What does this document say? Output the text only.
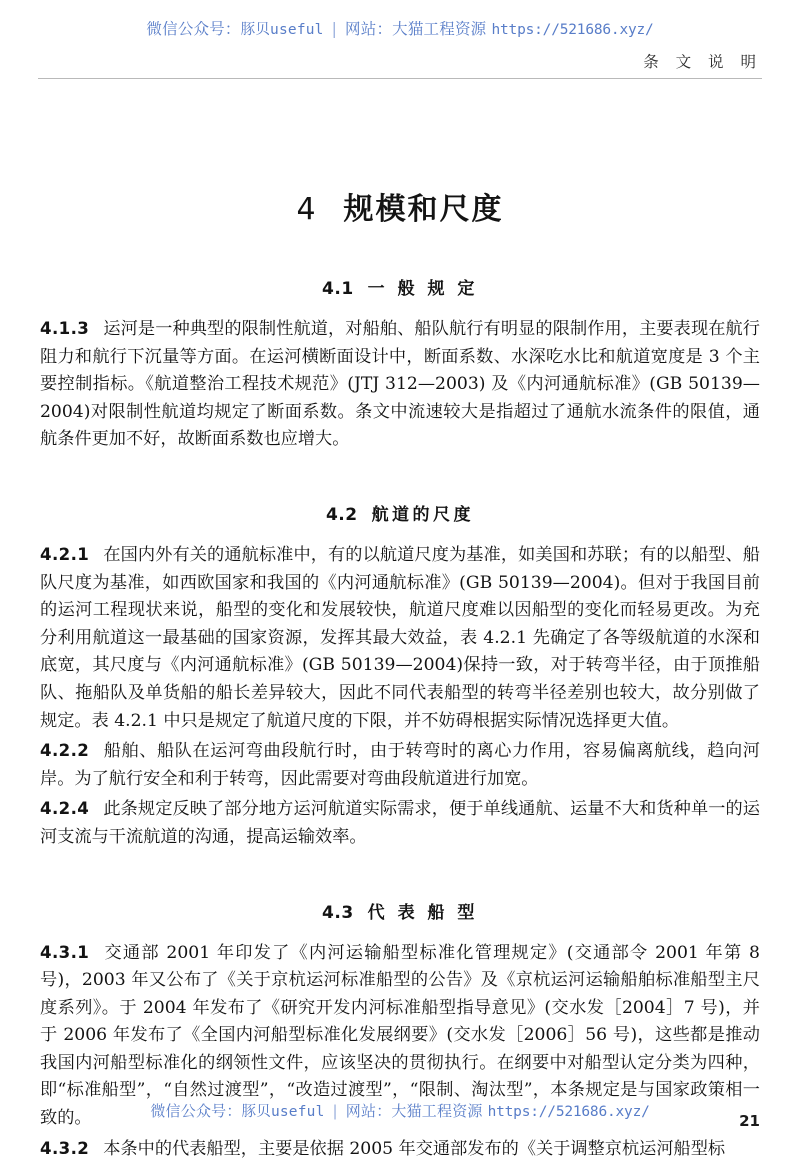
微信公众号：豚贝useful | 网站：大猫工程资源 https://521686.xyz/
条 文 说 明
4 规模和尺度
4.1 一 般 规 定

4.1.3 运河是一种典型的限制性航道，对船舶、船队航行有明显的限制作用，主要表现在航行阻力和航行下沉量等方面。在运河横断面设计中，断面系数、水深吃水比和航道宽度是 3 个主要控制指标。《航道整治工程技术规范》(JTJ 312—2003) 及《内河通航标准》(GB 50139—2004)对限制性航道均规定了断面系数。条文中流速较大是指超过了通航水流条件的限值，通航条件更加不好，故断面系数也应增大。

4.2 航道的尺度

4.2.1 在国内外有关的通航标准中，有的以航道尺度为基准，如美国和苏联；有的以船型、船队尺度为基准，如西欧国家和我国的《内河通航标准》(GB 50139—2004)。但对于我国目前的运河工程现状来说，船型的变化和发展较快，航道尺度难以因船型的变化而轻易更改。为充分利用航道这一最基础的国家资源，发挥其最大效益，表 4.2.1 先确定了各等级航道的水深和底宽，其尺度与《内河通航标准》(GB 50139—2004)保持一致，对于转弯半径，由于顶推船队、拖船队及单货船的船长差异较大，因此不同代表船型的转弯半径差别也较大，故分别做了规定。表 4.2.1 中只是规定了航道尺度的下限，并不妨碍根据实际情况选择更大值。

4.2.2 船舶、船队在运河弯曲段航行时，由于转弯时的离心力作用，容易偏离航线，趋向河岸。为了航行安全和利于转弯，因此需要对弯曲段航道进行加宽。

4.2.4 此条规定反映了部分地方运河航道实际需求，便于单线通航、运量不大和货种单一的运河支流与干流航道的沟通，提高运输效率。

4.3 代 表 船 型

4.3.1 交通部 2001 年印发了《内河运输船型标准化管理规定》(交通部令 2001 年第 8 号)，2003 年又公布了《关于京杭运河标准船型的公告》及《京杭运河运输船舶标准船型主尺度系列》。于 2004 年发布了《研究开发内河标准船型指导意见》(交水发［2004］7 号)，并于 2006 年发布了《全国内河船型标准化发展纲要》(交水发［2006］56 号)，这些都是推动我国内河船型标准化的纲领性文件，应该坚决的贯彻执行。在纲要中对船型认定分类为四种，即“标准船型”，“自然过渡型”，“改造过渡型”，“限制、淘汰型”，本条规定是与国家政策相一致的。

4.3.2 本条中的代表船型，主要是依据 2005 年交通部发布的《关于调整京杭运河船型标

微信公众号：豚贝useful | 网站：大猫工程资源 https://521686.xyz/	21
